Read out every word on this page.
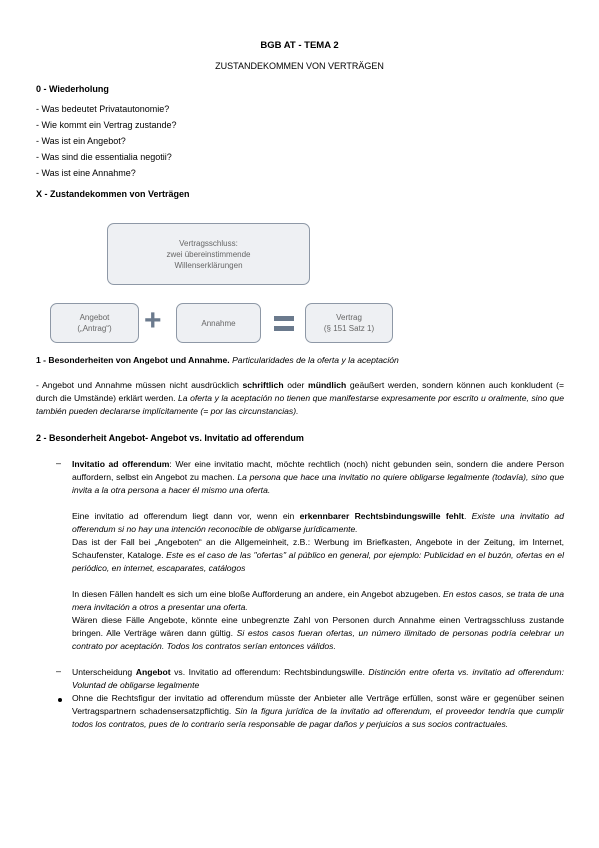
BGB AT - TEMA 2
ZUSTANDEKOMMEN VON VERTRÄGEN
0 - Wiederholung
- Was bedeutet Privatautonomie?
- Wie kommt ein Vertrag zustande?
- Was ist ein Angebot?
- Was sind die essentialia negotii?
- Was ist eine Annahme?
X - Zustandekommen von Verträgen
Vertragsschluss:
zwei übereinstimmende
Willenserklärungen
Angebot
(„Antrag“) +	Annahme
Vertrag
(§ 151 Satz 1)
1 - Besonderheiten von Angebot und Annahme. Particularidades de la oferta y la aceptación
- Angebot und Annahme müssen nicht ausdrücklich schriftlich oder mündlich geäußert werden, sondern können auch konkludent (= durch die Umstände) erklärt werden. La oferta y la aceptación no tienen que manifestarse expresamente por escrito u oralmente, sino que también pueden declararse implícitamente (= por las circunstancias).
2 - Besonderheit Angebot- Angebot vs. Invitatio ad offerendum
– Invitatio ad offerendum: Wer eine invitatio macht, möchte rechtlich (noch) nicht gebunden sein, sondern die andere Person auffordern, selbst ein Angebot zu machen. La persona que hace una invitatio no quiere obligarse legalmente (todavía), sino que invita a la otra persona a hacer él mismo una oferta.
Eine invitatio ad offerendum liegt dann vor, wenn ein erkennbarer Rechtsbindungswille fehlt. Existe una invitatio ad offerendum si no hay una intención reconocible de obligarse jurídicamente.
Das ist der Fall bei „Angeboten“ an die Allgemeinheit, z.B.: Werbung im Briefkasten, Angebote in der Zeitung, im Internet, Schaufenster, Kataloge. Este es el caso de las "ofertas" al público en general, por ejemplo: Publicidad en el buzón, ofertas en el periódico, en internet, escaparates, catálogos
In diesen Fällen handelt es sich um eine bloße Aufforderung an andere, ein Angebot abzugeben. En estos casos, se trata de una mera invitación a otros a presentar una oferta.
Wären diese Fälle Angebote, könnte eine unbegrenzte Zahl von Personen durch Annahme einen Vertragsschluss zustande bringen. Alle Verträge wären dann gültig. Si estos casos fueran ofertas, un número ilimitado de personas podría celebrar un contrato por aceptación. Todos los contratos serían entonces válidos.
– Unterscheidung Angebot vs. Invitatio ad offerendum: Rechtsbindungswille. Distinción entre oferta vs. invitatio ad offerendum: Voluntad de obligarse legalmente
Ohne die Rechtsfigur der invitatio ad offerendum müsste der Anbieter alle Verträge erfüllen, sonst wäre er gegenüber seinen Vertragspartnern schadensersatzpflichtig. Sin la figura jurídica de la invitatio ad offerendum, el proveedor tendría que cumplir todos los contratos, pues de lo contrario sería responsable de pagar daños y perjuicios a sus socios contractuales.
